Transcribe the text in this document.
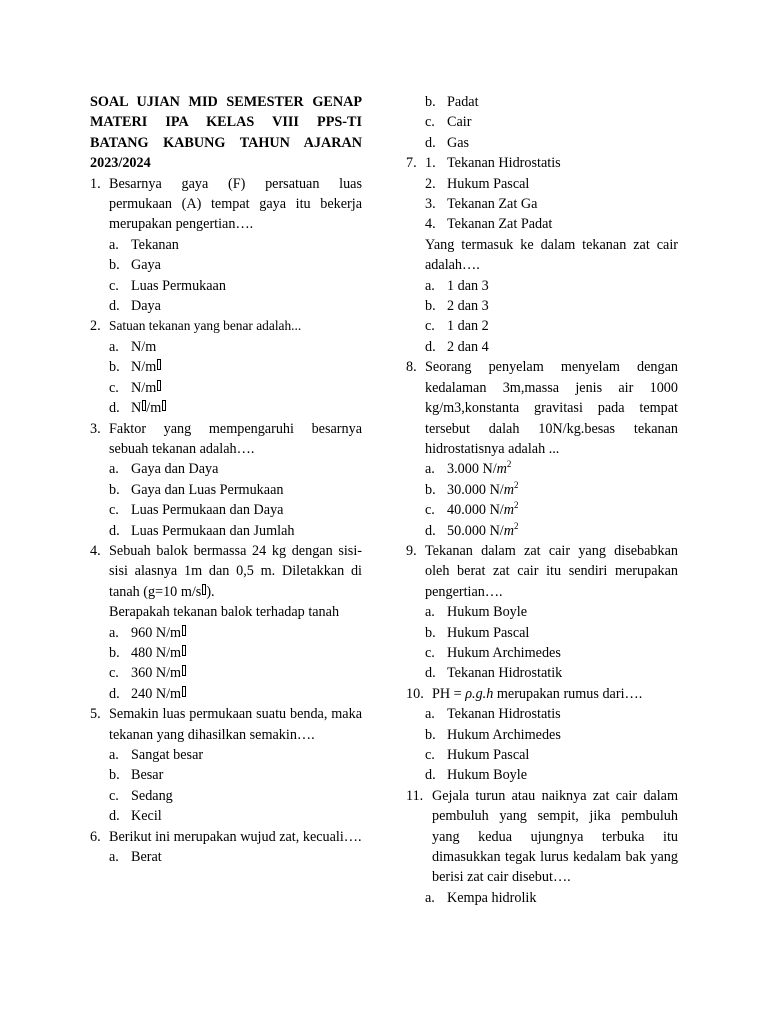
SOAL UJIAN MID SEMESTER GENAP
MATERI IPA KELAS VIII PPS-TI
BATANG KABUNG TAHUN AJARAN
2023/2024
1. Besarnya gaya (F) persatuan luas permukaan (A) tempat gaya itu bekerja merupakan pengertian….
a. Tekanan
b. Gaya
c. Luas Permukaan
d. Daya
2. Satuan tekanan yang benar adalah...
a. N/m
b. N/m
c. N/m
d. N /m
3. Faktor yang mempengaruhi besarnya sebuah tekanan adalah….
a. Gaya dan Daya
b. Gaya dan Luas Permukaan
c. Luas Permukaan dan Daya
d. Luas Permukaan dan Jumlah
4. Sebuah balok bermassa 24 kg dengan sisi-sisi alasnya 1m dan 0,5 m. Diletakkan di tanah (g=10 m/s ).
Berapakah tekanan balok terhadap tanah
a. 960 N/m
b. 480 N/m
c. 360 N/m
d. 240 N/m
5. Semakin luas permukaan suatu benda, maka tekanan yang dihasilkan semakin….
a. Sangat besar
b. Besar
c. Sedang
d. Kecil
6. Berikut ini merupakan wujud zat, kecuali….
a. Berat
b. Padat
c. Cair
d. Gas
7. 1. Tekanan Hidrostatis
2. Hukum Pascal
3. Tekanan Zat Ga
4. Tekanan Zat Padat
Yang termasuk ke dalam tekanan zat cair adalah….
a. 1 dan 3
b. 2 dan 3
c. 1 dan 2
d. 2 dan 4
8. Seorang penyelam menyelam dengan kedalaman 3m,massa jenis air 1000 kg/m3,konstanta gravitasi pada tempat tersebut dalah 10N/kg.besas tekanan hidrostatisnya adalah ...
a. 3.000 $N/m^2$
b. 30.000 $N/m^2$
c. 40.000 $N/m^2$
d. 50.000 $N/m^2$
9. Tekanan dalam zat cair yang disebabkan oleh berat zat cair itu sendiri merupakan pengertian….
a. Hukum Boyle
b. Hukum Pascal
c. Hukum Archimedes
d. Tekanan Hidrostatik
10. PH = ρ.g.h merupakan rumus dari….
a. Tekanan Hidrostatis
b. Hukum Archimedes
c. Hukum Pascal
d. Hukum Boyle
11. Gejala turun atau naiknya zat cair dalam pembuluh yang sempit, jika pembuluh yang kedua ujungnya terbuka itu dimasukkan tegak lurus kedalam bak yang berisi zat cair disebut….
a. Kempa hidrolik
